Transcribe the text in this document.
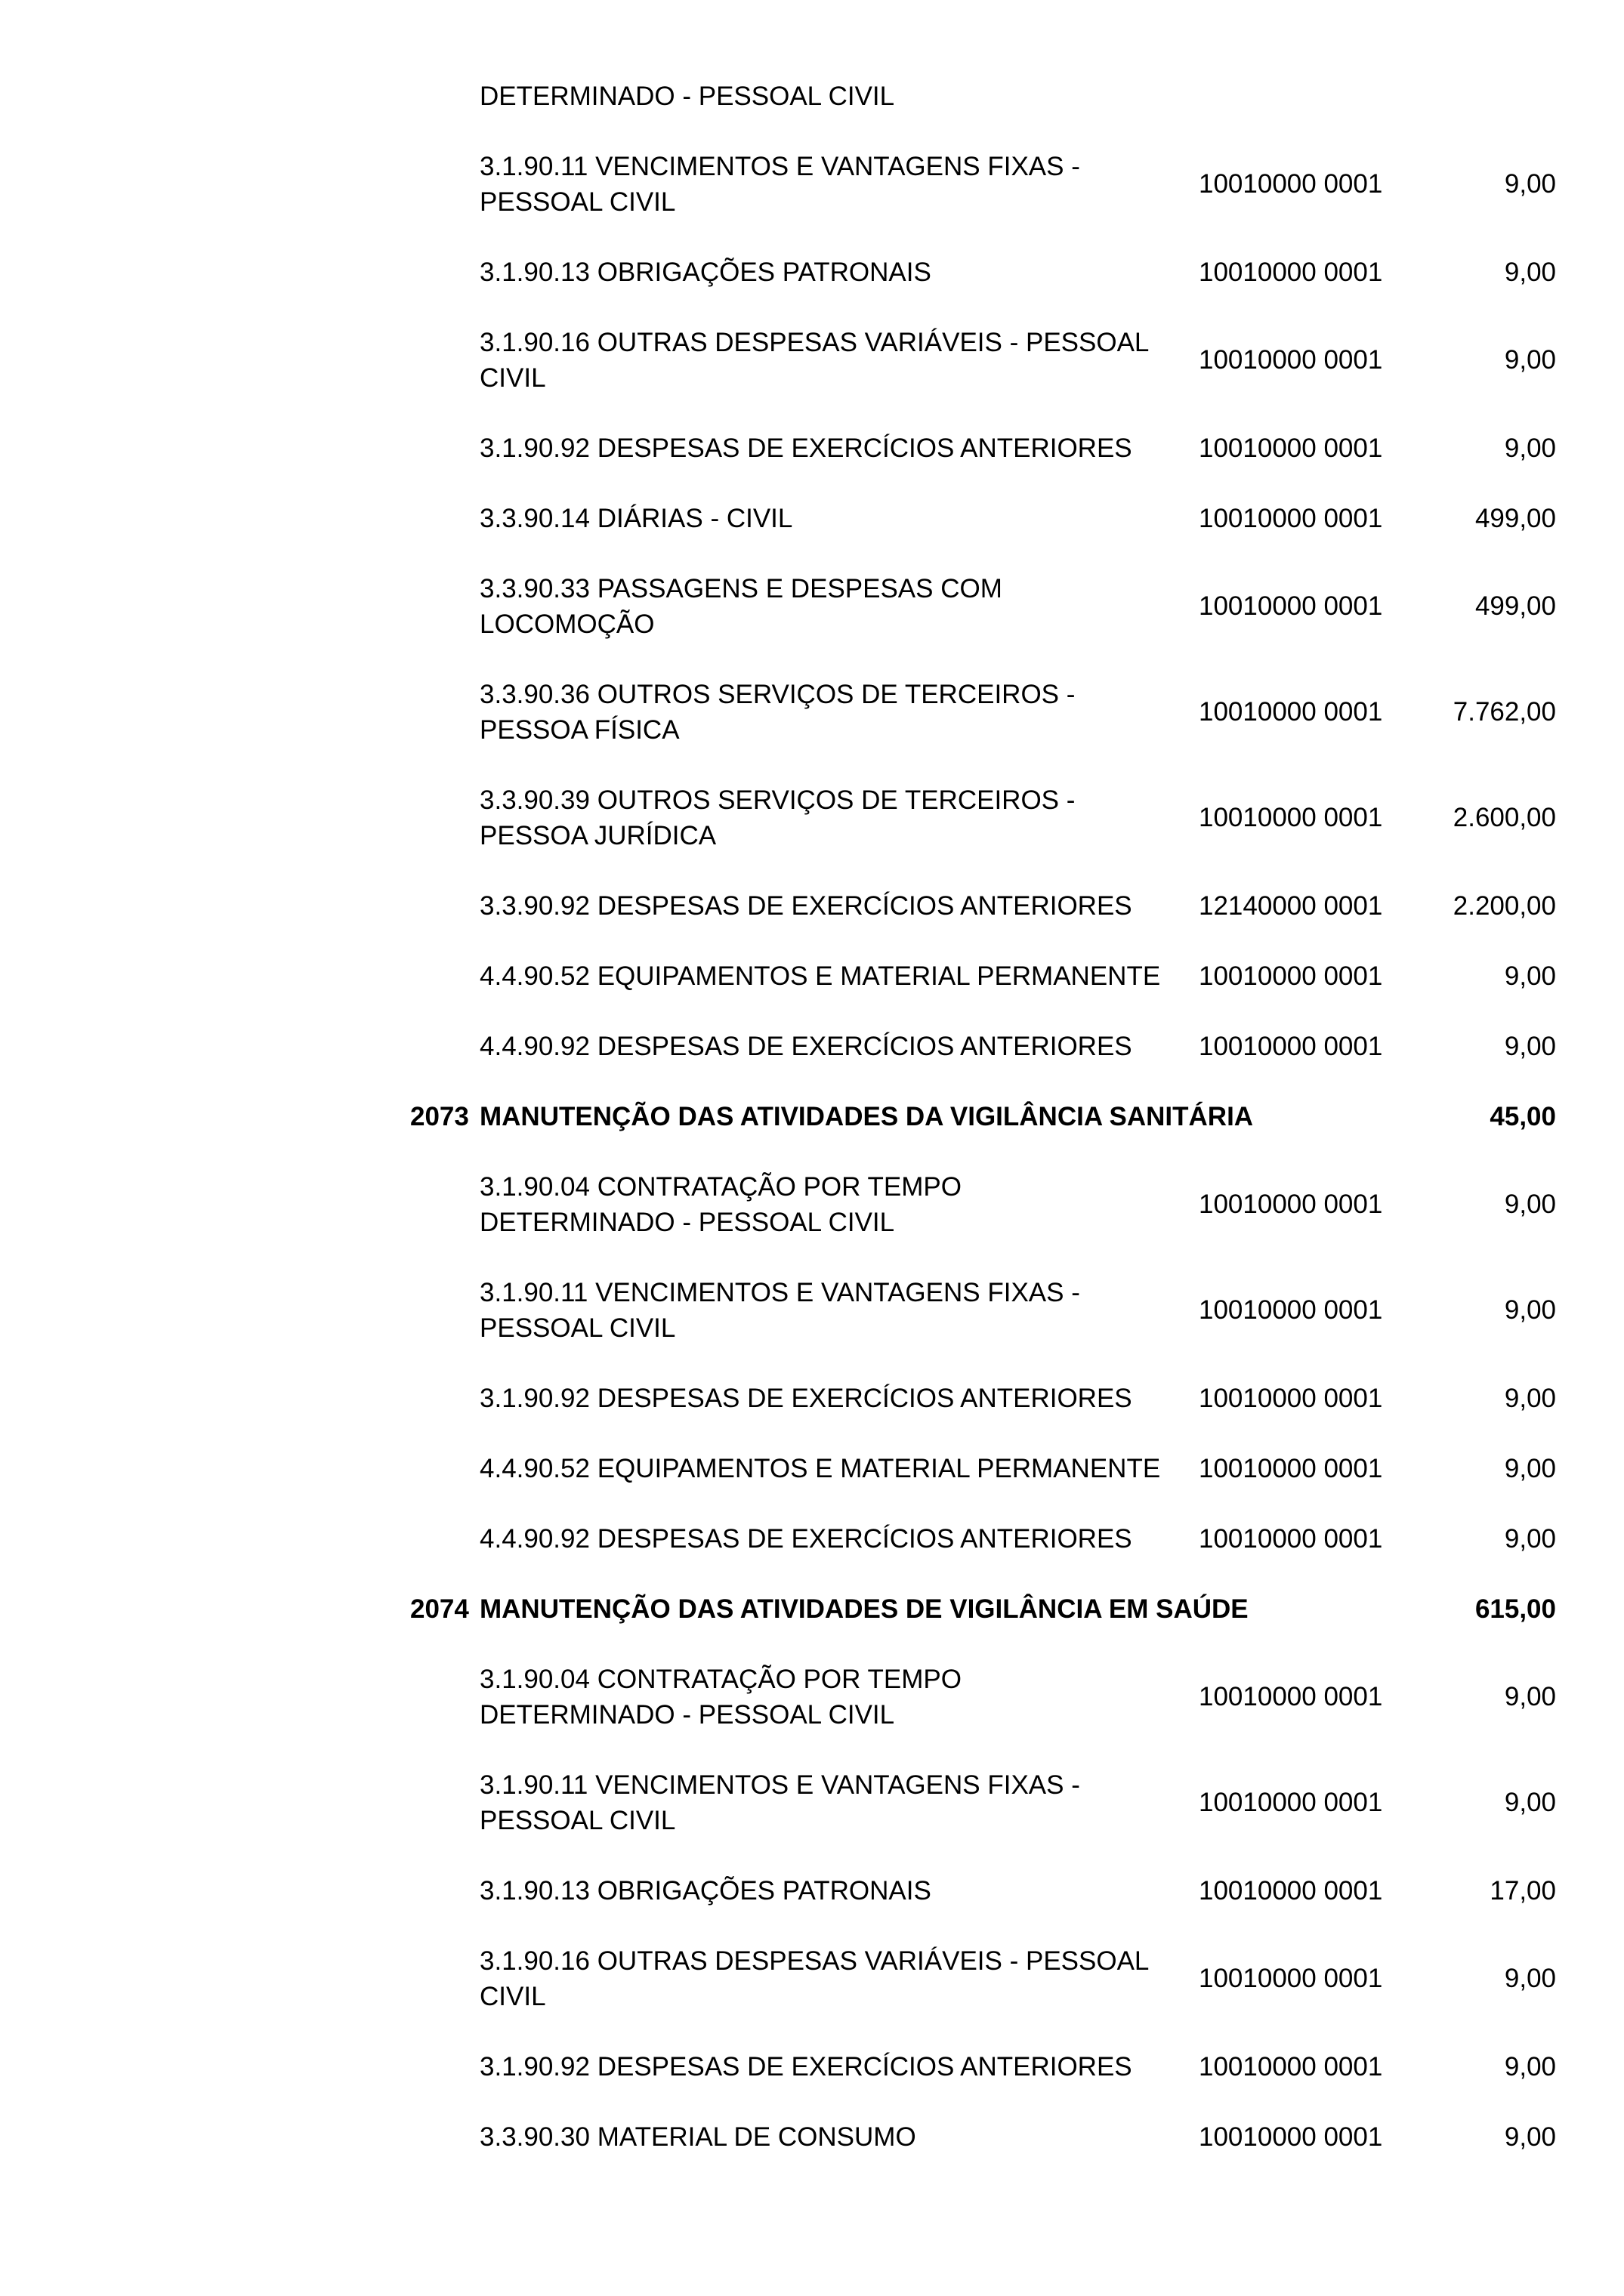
DETERMINADO - PESSOAL CIVIL
3.1.90.11 VENCIMENTOS E VANTAGENS FIXAS -
PESSOAL CIVIL
10010000 0001	9,00
3.1.90.13 OBRIGAÇÕES PATRONAIS	10010000 0001	9,00
3.1.90.16 OUTRAS DESPESAS VARIÁVEIS - PESSOAL
CIVIL
10010000 0001	9,00
3.1.90.92 DESPESAS DE EXERCÍCIOS ANTERIORES	10010000 0001	9,00
3.3.90.14 DIÁRIAS - CIVIL	10010000 0001	499,00
3.3.90.33 PASSAGENS E DESPESAS COM
LOCOMOÇÃO
10010000 0001	499,00
3.3.90.36 OUTROS SERVIÇOS DE TERCEIROS -
PESSOA FÍSICA
10010000 0001	7.762,00
3.3.90.39 OUTROS SERVIÇOS DE TERCEIROS -
PESSOA JURÍDICA
10010000 0001	2.600,00
3.3.90.92 DESPESAS DE EXERCÍCIOS ANTERIORES	12140000 0001	2.200,00
4.4.90.52 EQUIPAMENTOS E MATERIAL PERMANENTE	10010000 0001	9,00
4.4.90.92 DESPESAS DE EXERCÍCIOS ANTERIORES	10010000 0001	9,00
2073 MANUTENÇÃO DAS ATIVIDADES DA VIGILÂNCIA SANITÁRIA	45,00
3.1.90.04 CONTRATAÇÃO POR TEMPO
DETERMINADO - PESSOAL CIVIL
10010000 0001	9,00
3.1.90.11 VENCIMENTOS E VANTAGENS FIXAS -
PESSOAL CIVIL
10010000 0001	9,00
3.1.90.92 DESPESAS DE EXERCÍCIOS ANTERIORES	10010000 0001	9,00
4.4.90.52 EQUIPAMENTOS E MATERIAL PERMANENTE	10010000 0001	9,00
4.4.90.92 DESPESAS DE EXERCÍCIOS ANTERIORES	10010000 0001	9,00
2074 MANUTENÇÃO DAS ATIVIDADES DE VIGILÂNCIA EM SAÚDE	615,00
3.1.90.04 CONTRATAÇÃO POR TEMPO
DETERMINADO - PESSOAL CIVIL
10010000 0001	9,00
3.1.90.11 VENCIMENTOS E VANTAGENS FIXAS -
PESSOAL CIVIL
10010000 0001	9,00
3.1.90.13 OBRIGAÇÕES PATRONAIS	10010000 0001	17,00
3.1.90.16 OUTRAS DESPESAS VARIÁVEIS - PESSOAL
CIVIL
10010000 0001	9,00
3.1.90.92 DESPESAS DE EXERCÍCIOS ANTERIORES	10010000 0001	9,00
3.3.90.30 MATERIAL DE CONSUMO	10010000 0001	9,00
